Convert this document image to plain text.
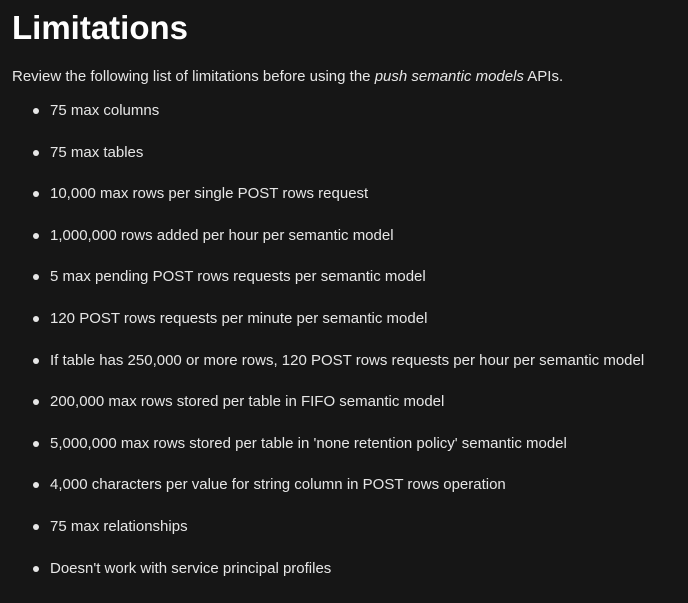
Limitations

Review the following list of limitations before using the push semantic models APIs.

75 max columns
75 max tables
10,000 max rows per single POST rows request
1,000,000 rows added per hour per semantic model
5 max pending POST rows requests per semantic model
120 POST rows requests per minute per semantic model
If table has 250,000 or more rows, 120 POST rows requests per hour per semantic model
200,000 max rows stored per table in FIFO semantic model
5,000,000 max rows stored per table in 'none retention policy' semantic model
4,000 characters per value for string column in POST rows operation
75 max relationships
Doesn't work with service principal profiles
